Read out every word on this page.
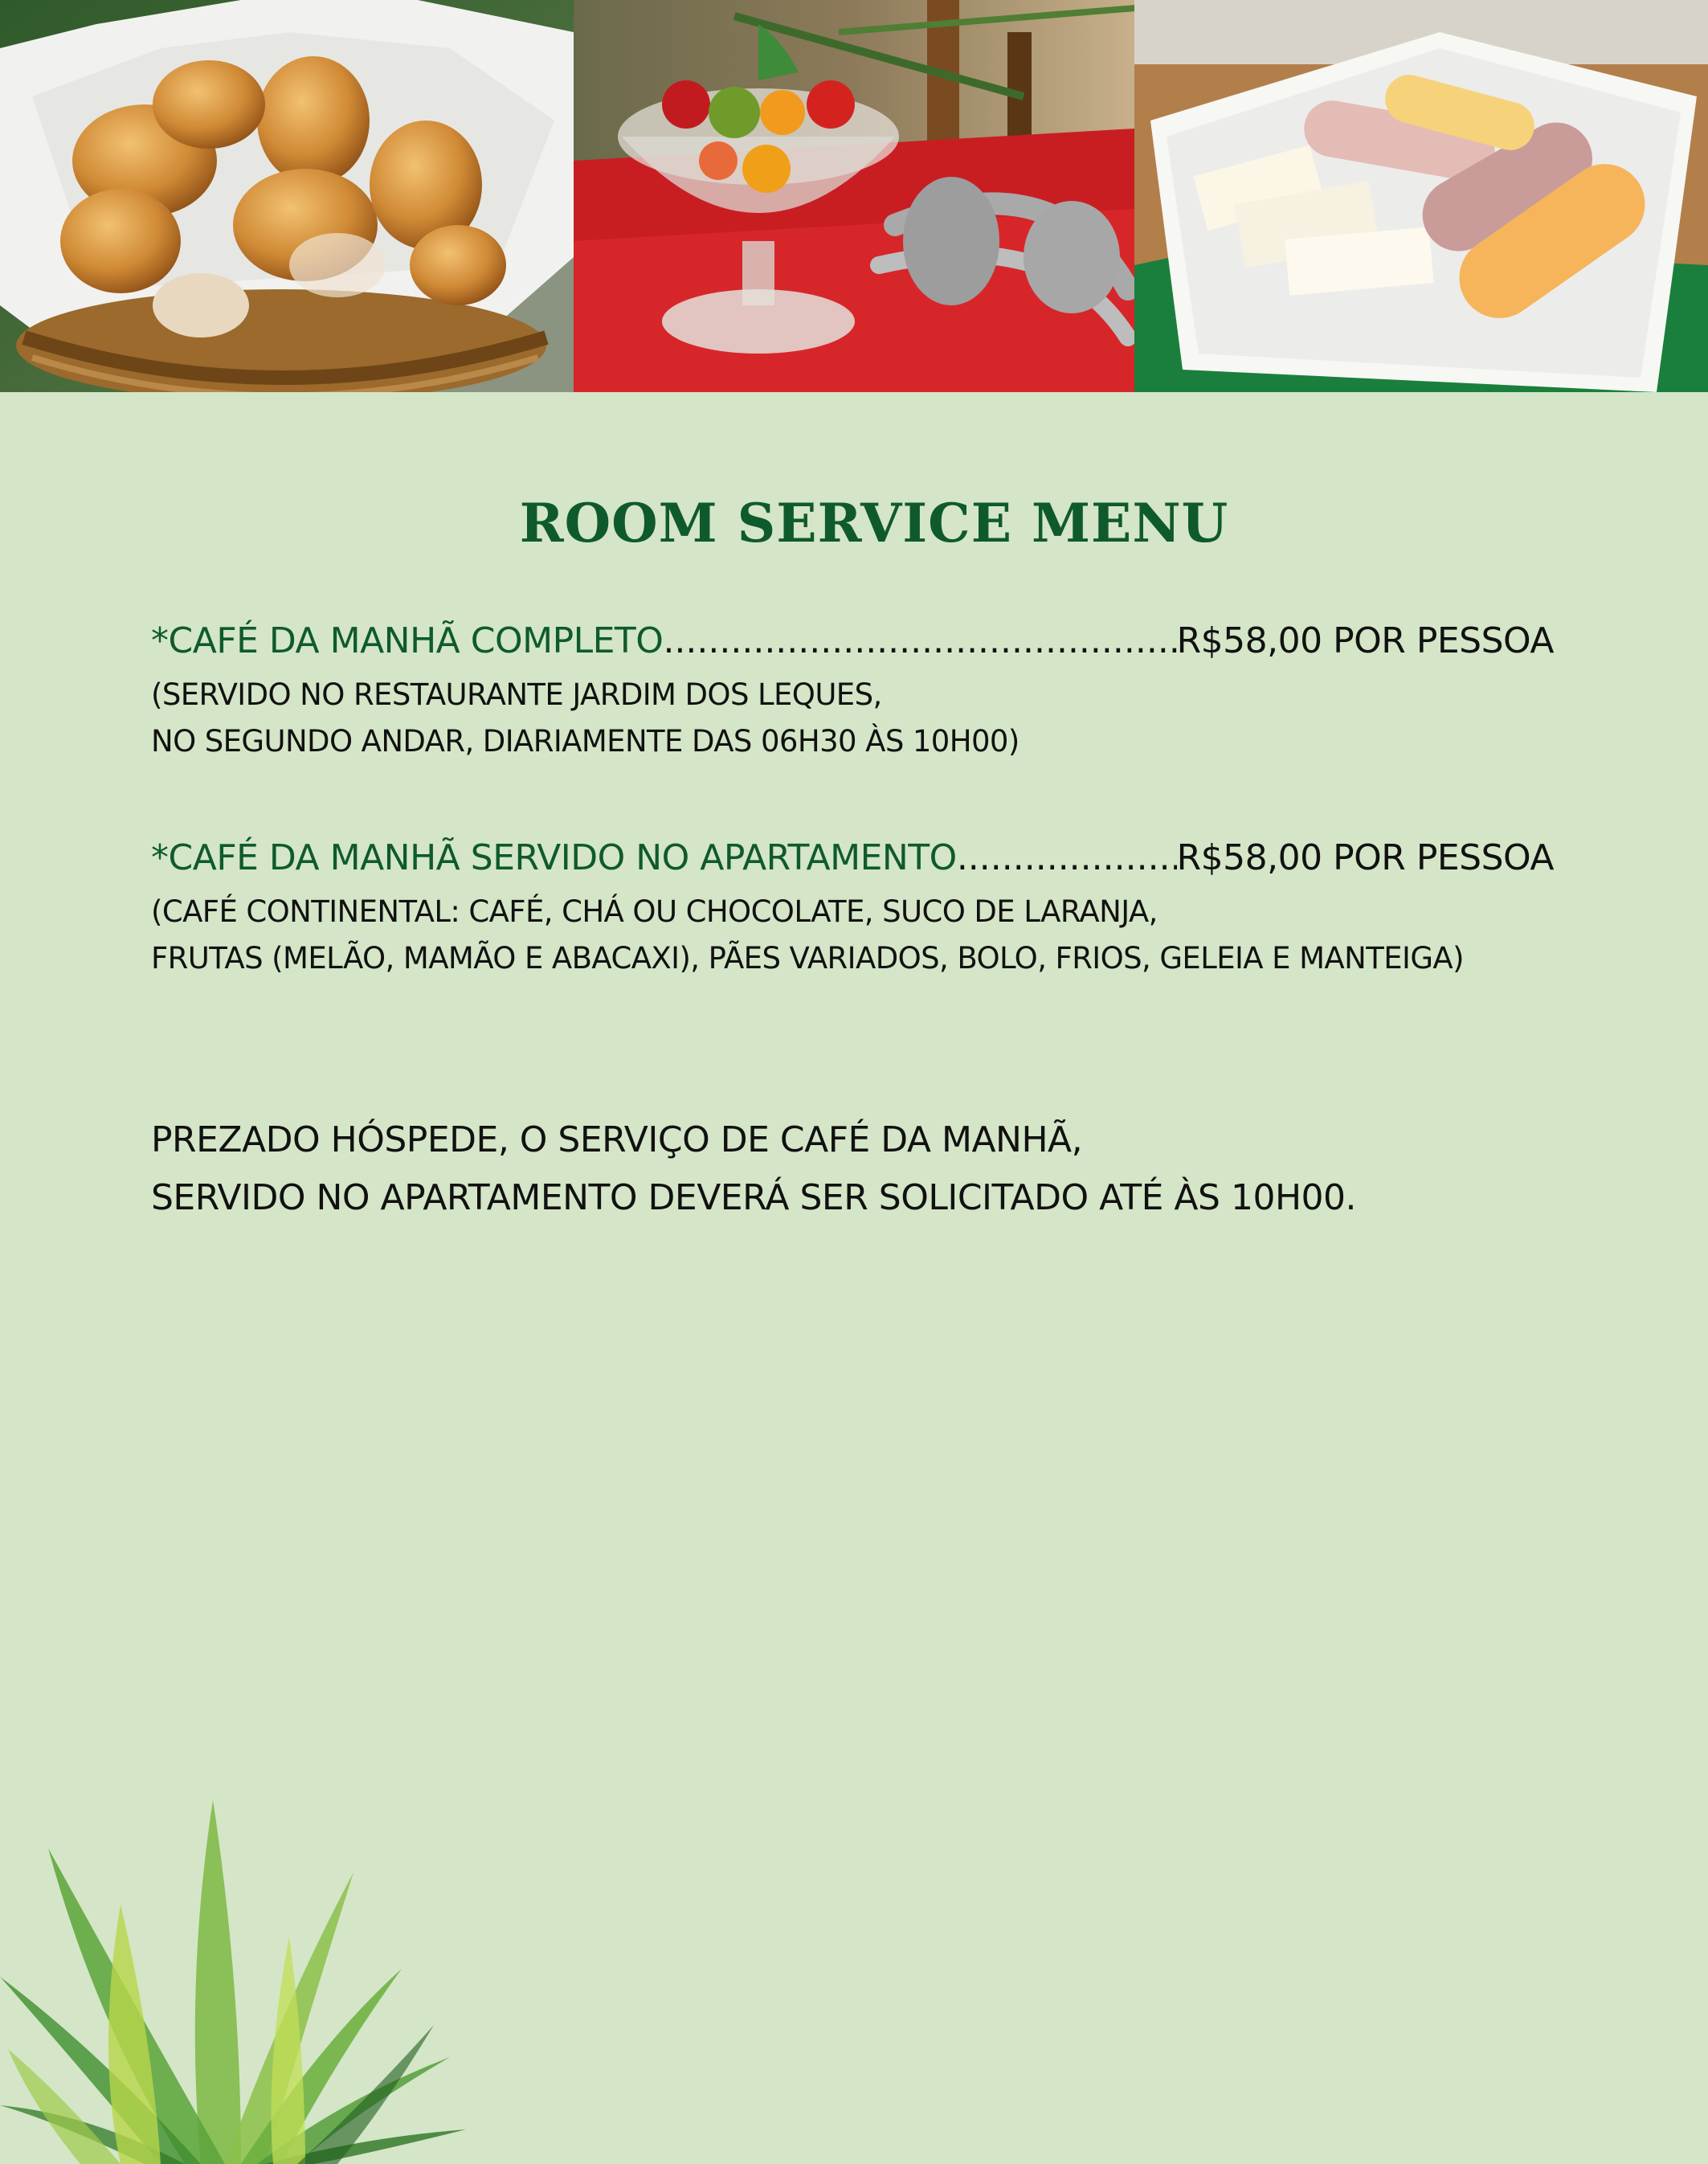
ROOM SERVICE MENU
*CAFÉ DA MANHÃ COMPLETO .....	R$58,00 POR PESSOA
(SERVIDO NO RESTAURANTE JARDIM DOS LEQUES,
NO SEGUNDO ANDAR, DIARIAMENTE DAS 06H30 ÀS 10H00)
*CAFÉ DA MANHÃ SERVIDO NO APARTAMENTO .....	R$58,00 POR PESSOA
(CAFÉ CONTINENTAL: CAFÉ, CHÁ OU CHOCOLATE, SUCO DE LARANJA,
FRUTAS (MELÃO, MAMÃO E ABACAXI), PÃES VARIADOS, BOLO, FRIOS, GELEIA E MANTEIGA)
PREZADO HÓSPEDE, O SERVIÇO DE CAFÉ DA MANHÃ,
SERVIDO NO APARTAMENTO DEVERÁ SER SOLICITADO ATÉ ÀS 10H00.
